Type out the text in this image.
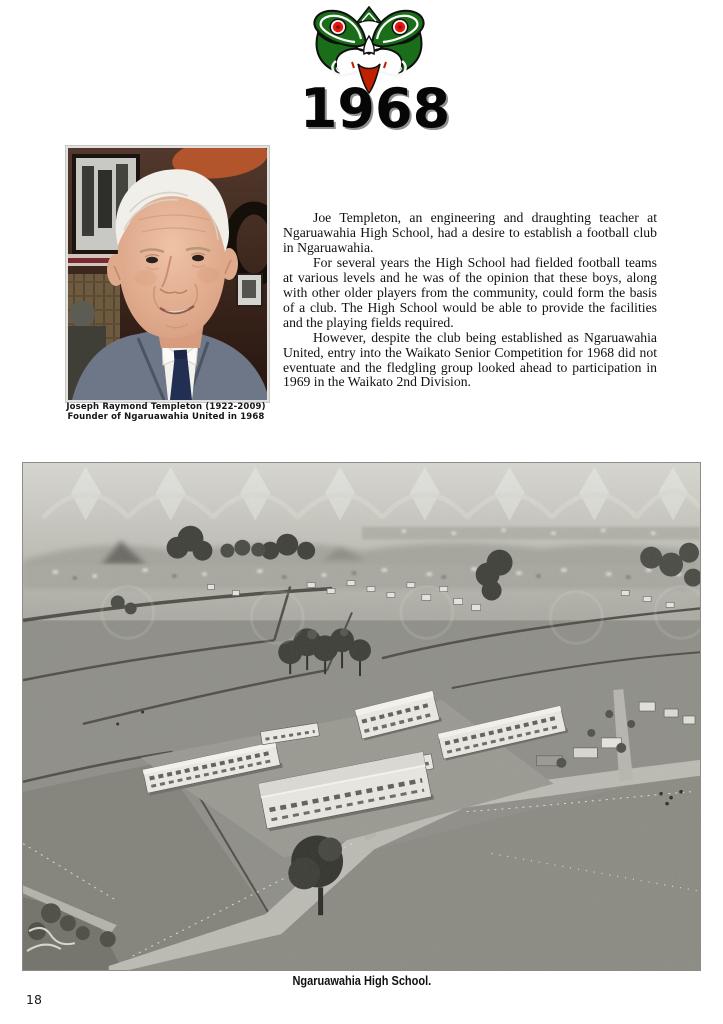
1968
Joseph Raymond Templeton (1922-2009)
Founder of Ngaruawahia United in 1968

Joe Templeton, an engineering and draughting teacher at Ngaruawahia High School, had a desire to establish a football club in Ngaruawahia.

For several years the High School had fielded football teams at various levels and he was of the opinion that these boys, along with other older players from the community, could form the basis of a club. The High School would be able to provide the facilities and the playing fields required.

However, despite the club being established as Ngaruawahia United, entry into the Waikato Senior Competition for 1968 did not eventuate and the fledgling group looked ahead to participation in 1969 in the Waikato 2nd Division.

Ngaruawahia High School.
18
